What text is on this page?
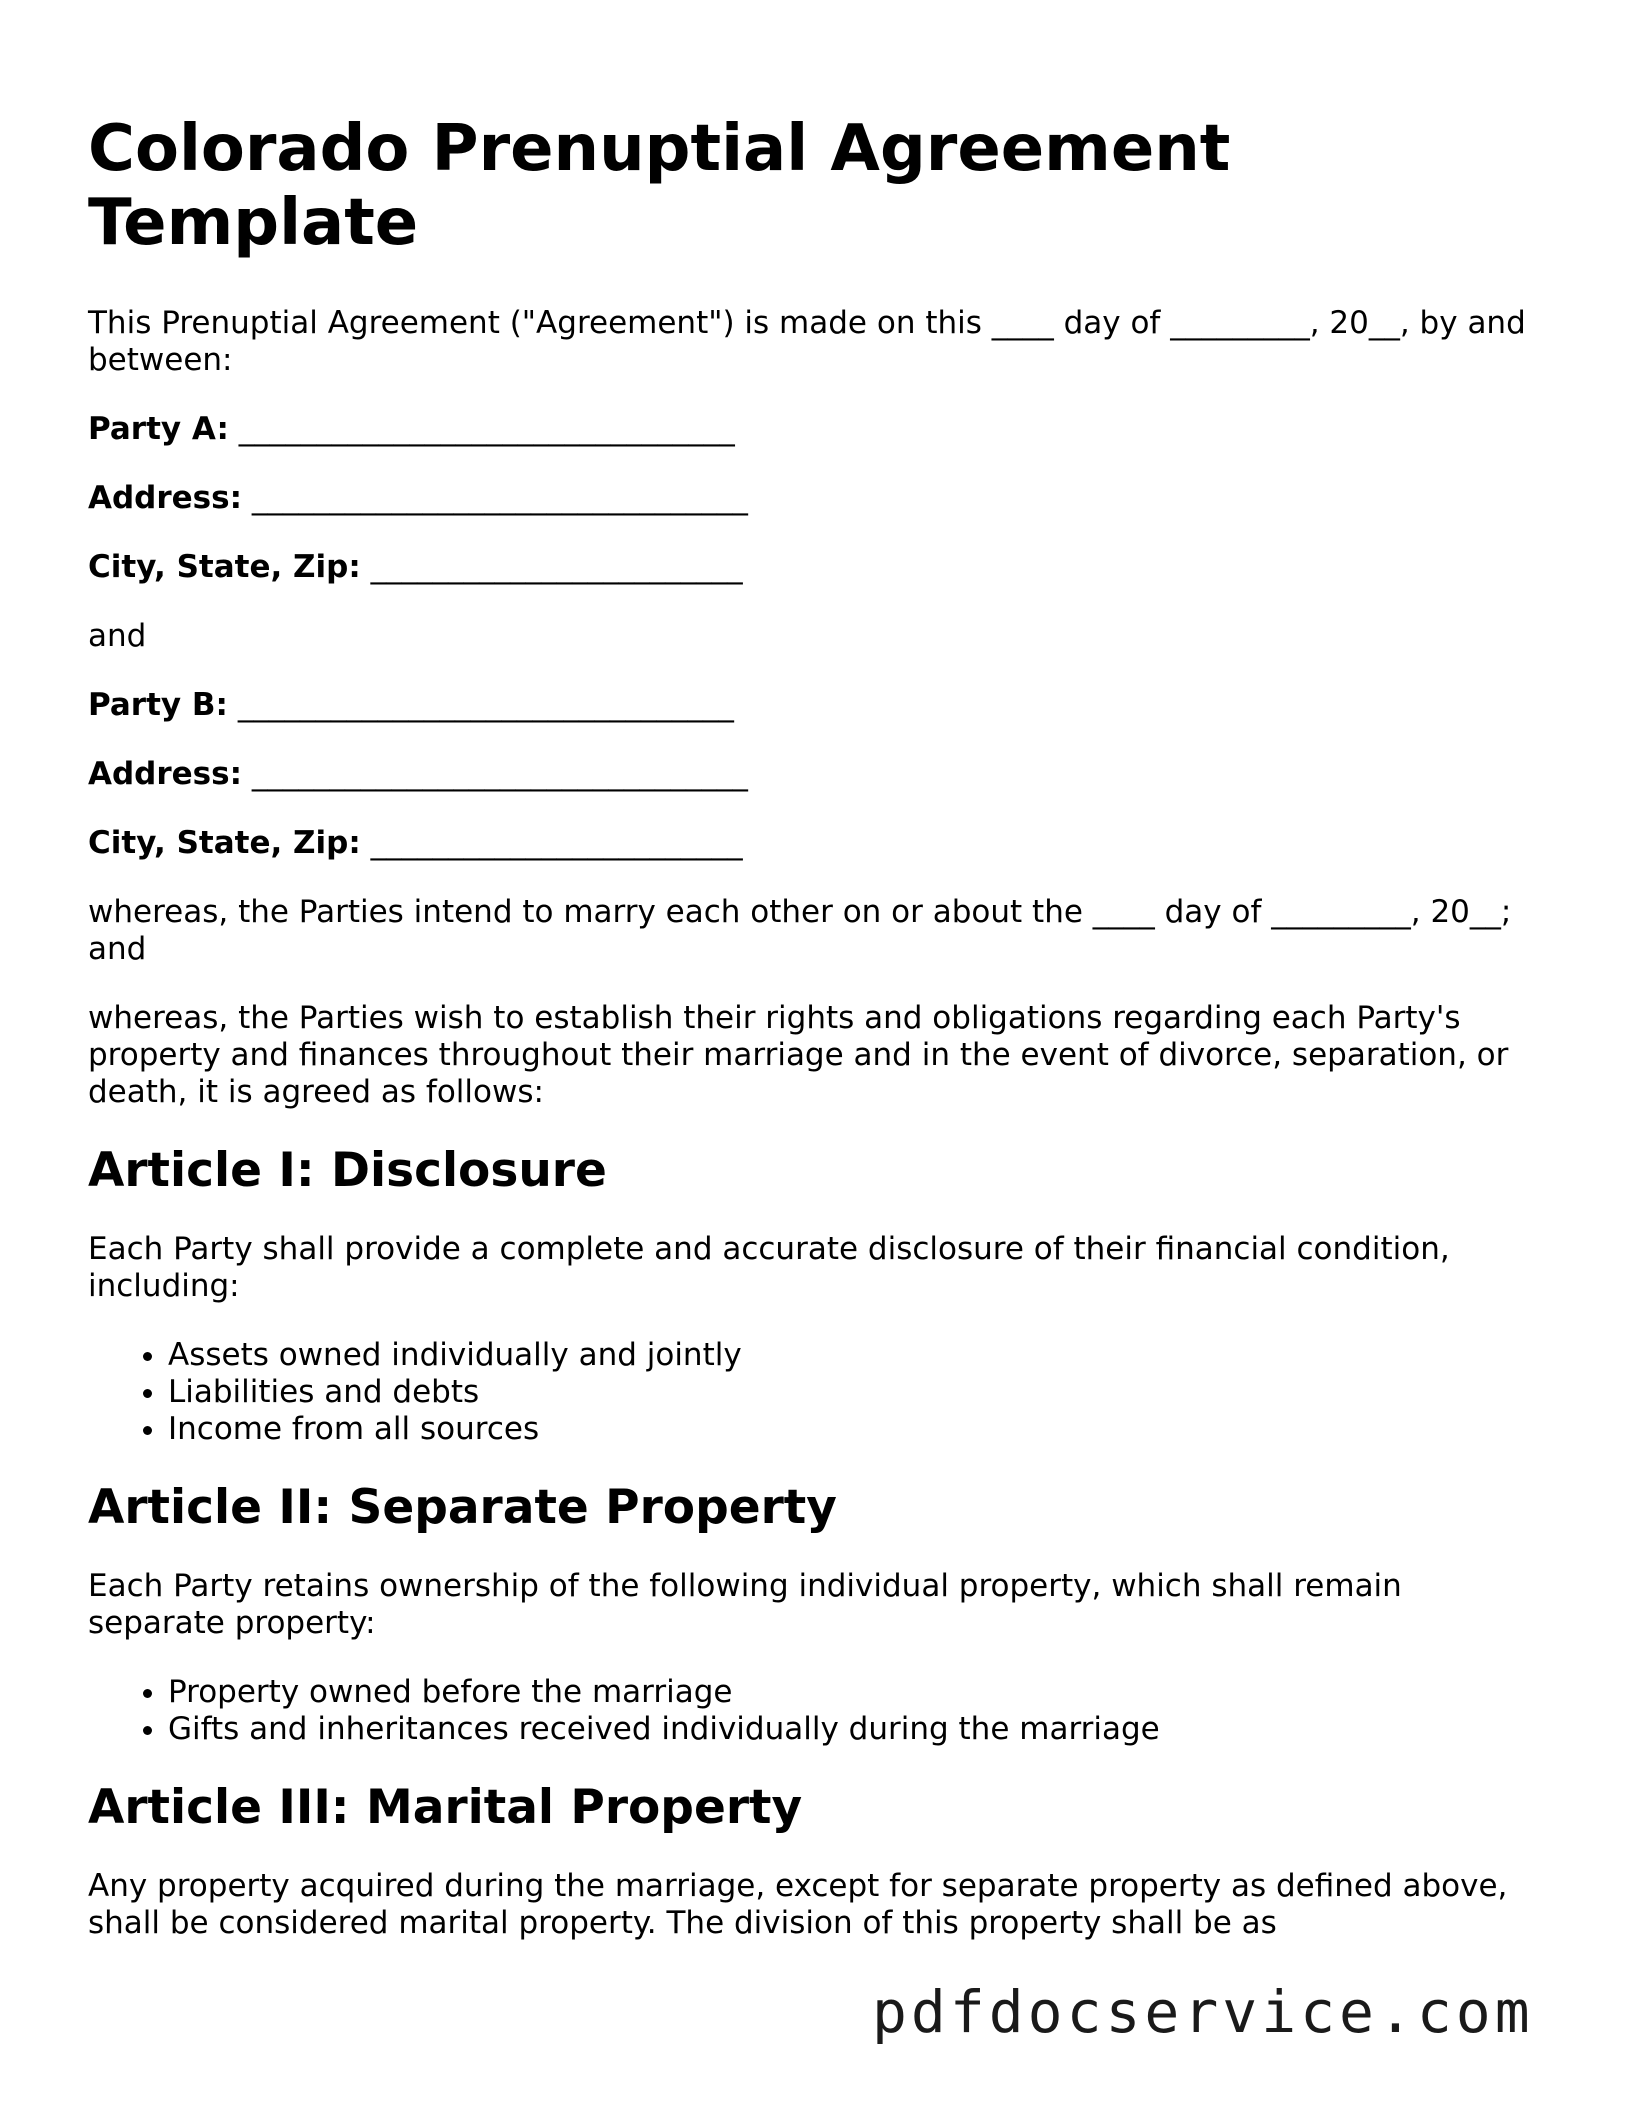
Colorado Prenuptial Agreement Template

This Prenuptial Agreement ("Agreement") is made on this ____ day of _________, 20__, by and between:

Party A: ________________________________
Address: ________________________________
City, State, Zip: ________________________

and

Party B: ________________________________
Address: ________________________________
City, State, Zip: ________________________

whereas, the Parties intend to marry each other on or about the ____ day of _________, 20__; and

whereas, the Parties wish to establish their rights and obligations regarding each Party's property and finances throughout their marriage and in the event of divorce, separation, or death, it is agreed as follows:

Article I: Disclosure

Each Party shall provide a complete and accurate disclosure of their financial condition, including:

• Assets owned individually and jointly
• Liabilities and debts
• Income from all sources
Article II: Separate Property

Each Party retains ownership of the following individual property, which shall remain separate property:

• Property owned before the marriage
• Gifts and inheritances received individually during the marriage
Article III: Marital Property

Any property acquired during the marriage, except for separate property as defined above, shall be considered marital property. The division of this property shall be as

pdfdocservice.com
